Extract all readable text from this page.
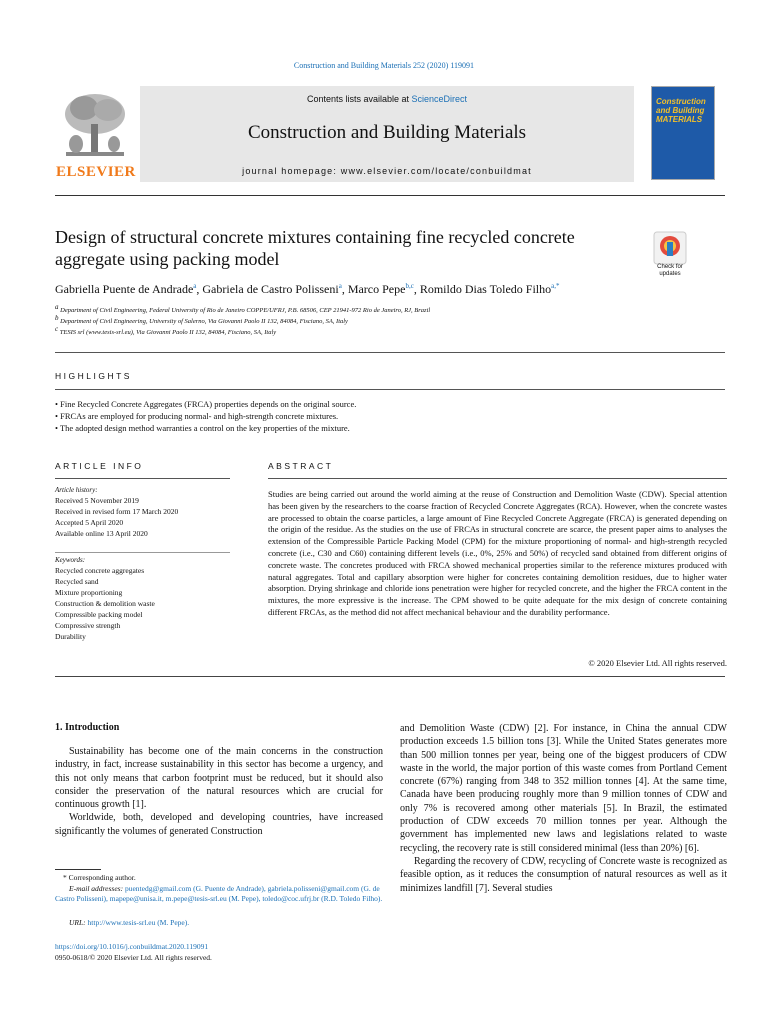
Construction and Building Materials 252 (2020) 119091
ELSEVIER
Contents lists available at ScienceDirect
Construction and Building Materials
journal homepage: www.elsevier.com/locate/conbuildmat
Construction and Building MATERIALS
Design of structural concrete mixtures containing fine recycled concrete
aggregate using packing model	Check for updates
Gabriella Puente de Andrade$^a$, Gabriela de Castro Polisseni$^a$, Marco Pepe$^{b,c}$, Romildo Dias Toledo Filho$^{a,*}$
$^a$ Department of Civil Engineering, Federal University of Rio de Janeiro COPPE/UFRJ, P.B. 68506, CEP 21941-972 Rio de Janeiro, RJ, Brazil
$^b$ Department of Civil Engineering, University of Salerno, Via Giovanni Paolo II 132, 84084, Fisciano, SA, Italy
$^c$ TESIS srl (www.tesis-srl.eu), Via Giovanni Paolo II 132, 84084, Fisciano, SA, Italy
HIGHLIGHTS
• Fine Recycled Concrete Aggregates (FRCA) properties depends on the original source.
• FRCAs are employed for producing normal- and high-strength concrete mixtures.
• The adopted design method warranties a control on the key properties of the mixture.
ARTICLE INFO
Article history:
Received 5 November 2019
Received in revised form 17 March 2020
Accepted 5 April 2020
Available online 13 April 2020
Keywords:
Recycled concrete aggregates
Recycled sand
Mixture proportioning
Construction & demolition waste
Compressible packing model
Compressive strength
Durability
ABSTRACT
Studies are being carried out around the world aiming at the reuse of Construction and Demolition Waste (CDW). Special attention has been given by the researchers to the coarse fraction of Recycled Concrete Aggregates (RCA). However, when the concrete wastes are processed to obtain the coarse particles, a large amount of Fine Recycled Concrete Aggregate (FRCA) is generated depending on the origin of the residue. As the studies on the use of FRCAs in structural concrete are scarce, the present paper aims to analyses the extension of the Compressible Particle Packing Model (CPM) for the mixture proportioning of normal- and high-strength recycled concrete (i.e., C30 and C60) containing different levels (i.e., 0%, 25% and 50%) of recycled sand obtained from different origins of concrete waste. The concretes produced with FRCA showed mechanical properties similar to the reference mixtures produced with natural aggregates. Total and capillary absorption were higher for concretes containing demolition residues, due to higher water absorption. Drying shrinkage and chloride ions penetration were higher for recycled concrete, and the higher the FRCA content in the mixtures, the more expressive is the increase. The CPM showed to be quite adequate for the mix design of concrete containing different FRCAs, as the method did not affect mechanical behaviour and the durability performance.
© 2020 Elsevier Ltd. All rights reserved.
1. Introduction

Sustainability has become one of the main concerns in the construction industry, in fact, increase sustainability in this sector has become a urgency, and this not only means that carbon footprint must be reduced, but it should also consider the preservation of the natural resources which are crucial for continuous growth [1].

Worldwide, both, developed and developing countries, have increased significantly the volumes of generated Construction

and Demolition Waste (CDW) [2]. For instance, in China the annual CDW production exceeds 1.5 billion tons [3]. While the United States generates more than 500 million tonnes per year, being one of the biggest producers of CDW waste in the world, the major portion of this waste comes from Portland Cement concrete (67%) ranging from 348 to 352 million tonnes [4]. At the same time, Canada have been producing roughly more than 9 million tonnes of CDW and only 7% is recovered among other materials [5]. In Brazil, the estimated production of CDW exceeds 70 million tonnes per year. Although the government has implemented new laws and legislations related to waste recycling, the recovery rate is still considered minimal (less than 20%) [6].

Regarding the recovery of CDW, recycling of Concrete waste is recognized as feasible option, as it reduces the consumption of natural resources as well as it minimizes landfill [7]. Several studies

* Corresponding author.
E-mail addresses: puentedg@gmail.com (G. Puente de Andrade), gabriela.polisseni@gmail.com (G. de Castro Polisseni), mapepe@unisa.it, m.pepe@tesis-srl.eu (M. Pepe), toledo@coc.ufrj.br (R.D. Toledo Filho).
URL: http://www.tesis-srl.eu (M. Pepe).
https://doi.org/10.1016/j.conbuildmat.2020.119091
0950-0618/© 2020 Elsevier Ltd. All rights reserved.
